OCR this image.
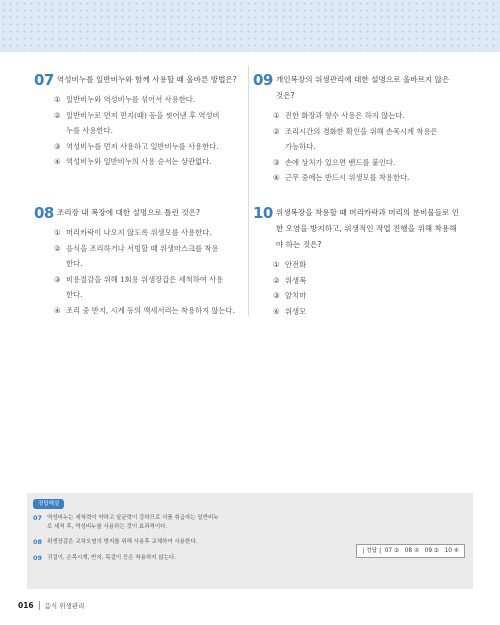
07 역성비누를 일반비누와 함께 사용할 때 올바른 방법은?
① 일반비누와 역성비누를 섞어서 사용한다.
② 일반비누로 먼저 먼지(때) 등을 씻어낸 후 역성비
누를 사용한다.
③ 역성비누를 먼저 사용하고 일반비누를 사용한다.
④ 역성비누와 일반비누의 사용 순서는 상관없다.
09 개인복장의 위생관리에 대한 설명으로 올바르지 않은
것은?
① 진한 화장과 향수 사용은 하지 않는다.
② 조리시간의 경화한 확인을 위해 손목시계 착용은
가능하다.
③ 손에 상처가 있으면 밴드를 붙인다.
④ 근무 중에는 반드시 위생모를 착용한다.
08 조리장 내 복장에 대한 설명으로 틀린 것은?
① 머리카락이 나오지 않도록 위생모를 사용한다.
② 음식을 조리하거나 서빙할 때 위생마스크를 착용
한다.
③ 비용절감을 위해 1회용 위생장갑은 세척하여 사용
한다.
④ 조리 중 반지, 시계 등의 액세서리는 착용하지 않는다.
10 위생복장을 착용할 때 머리카락과 머리의 분비물들로 인
한 오염을 방지하고, 위생적인 작업 진행을 위해 착용해
야 하는 것은?
① 안전화
② 위생복
③ 앞치마
④ 위생모
정답해설
07 역성비누는 세척력이 약하고 살균력이 강하므로 식품 취급자는 일반비누
로 세척 후, 역성비누를 사용하는 것이 효과적이다.
08 위생장갑은 교차오염의 방지를 위해 사용후 교체하여 사용한다.
09 귀걸이, 손목시계, 반지, 목걸이 등은 착용하지 않는다.
| 정답 |  07 ②   08 ③   09 ②   10 ④
016	음식 위생관리
